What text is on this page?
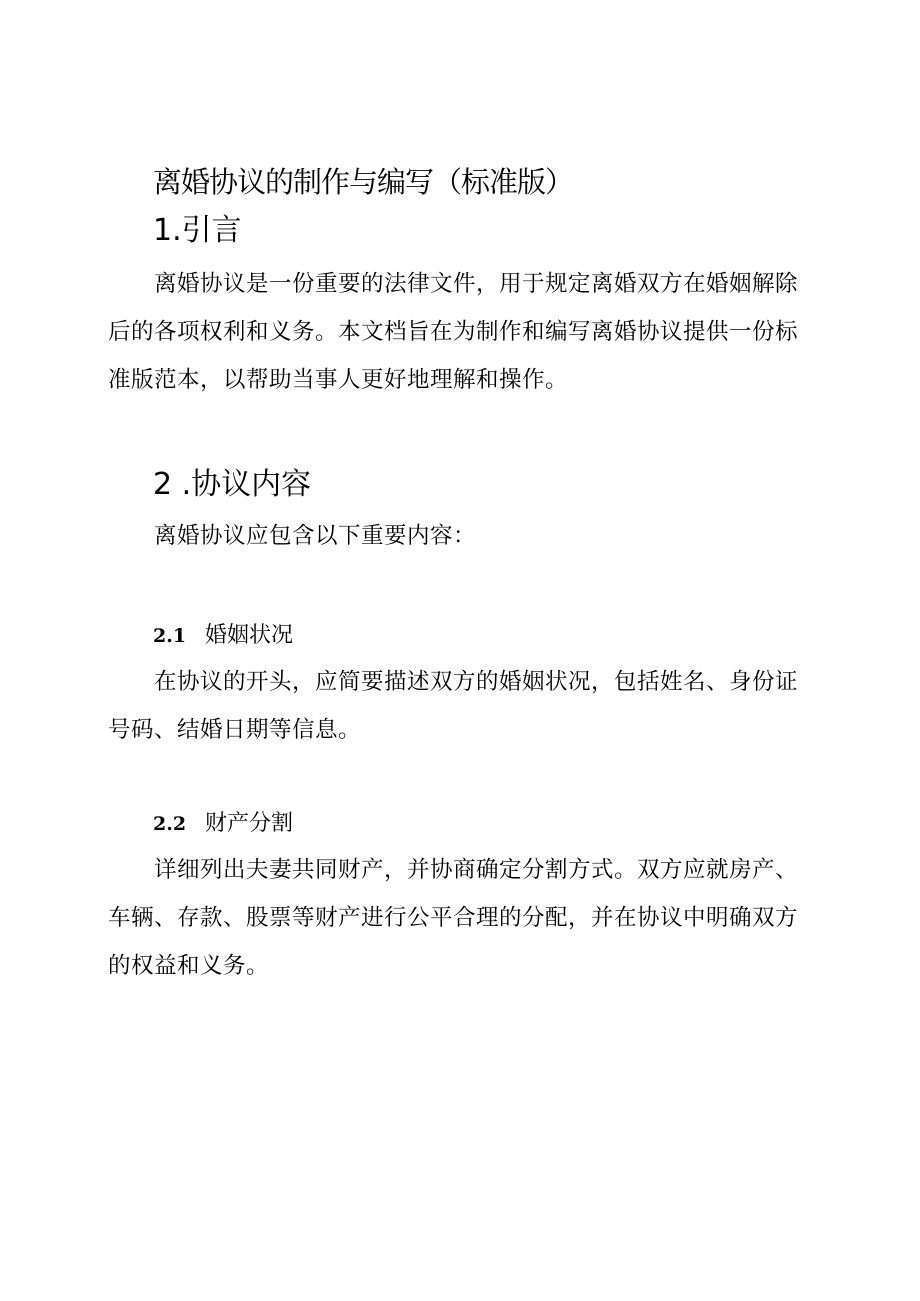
离婚协议的制作与编写（标准版）
1.引言

离婚协议是一份重要的法律文件，用于规定离婚双方在婚姻解除后的各项权利和义务。本文档旨在为制作和编写离婚协议提供一份标准版范本，以帮助当事人更好地理解和操作。

2 .协议内容

离婚协议应包含以下重要内容：

2.1 婚姻状况

在协议的开头，应简要描述双方的婚姻状况，包括姓名、身份证号码、结婚日期等信息。

2.2 财产分割

详细列出夫妻共同财产，并协商确定分割方式。双方应就房产、车辆、存款、股票等财产进行公平合理的分配，并在协议中明确双方的权益和义务。
